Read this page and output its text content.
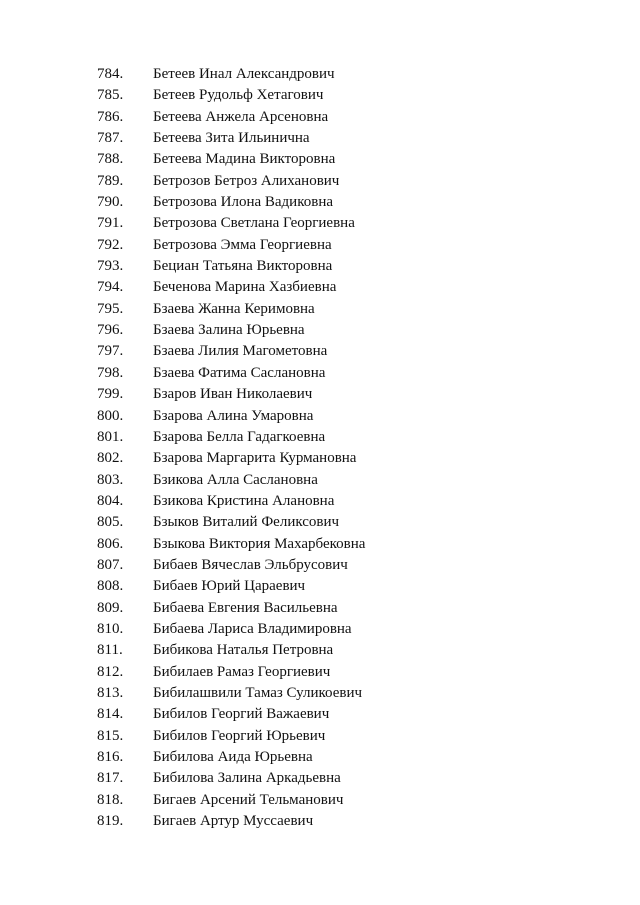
784. Бетеев Инал Александрович
785. Бетеев Рудольф Хетагович
786. Бетеева Анжела Арсеновна
787. Бетеева Зита Ильинична
788. Бетеева Мадина Викторовна
789. Бетрозов Бетроз Алиханович
790. Бетрозова Илона Вадиковна
791. Бетрозова Светлана Георгиевна
792. Бетрозова Эмма Георгиевна
793. Бециан Татьяна Викторовна
794. Беченова Марина Хазбиевна
795. Бзаева Жанна Керимовна
796. Бзаева Залина Юрьевна
797. Бзаева Лилия Магометовна
798. Бзаева Фатима Саслановна
799. Бзаров Иван Николаевич
800. Бзарова Алина Умаровна
801. Бзарова Белла Гадагкоевна
802. Бзарова Маргарита Курмановна
803. Бзикова Алла Саслановна
804. Бзикова Кристина Алановна
805. Бзыков Виталий Феликсович
806. Бзыкова Виктория Махарбековна
807. Бибаев Вячеслав Эльбрусович
808. Бибаев Юрий Цараевич
809. Бибаева Евгения Васильевна
810. Бибаева Лариса Владимировна
811. Бибикова Наталья Петровна
812. Бибилаев Рамаз Георгиевич
813. Бибилашвили Тамаз Суликоевич
814. Бибилов Георгий Важаевич
815. Бибилов Георгий Юрьевич
816. Бибилова Аида Юрьевна
817. Бибилова Залина Аркадьевна
818. Бигаев Арсений Тельманович
819. Бигаев Артур Муссаевич
